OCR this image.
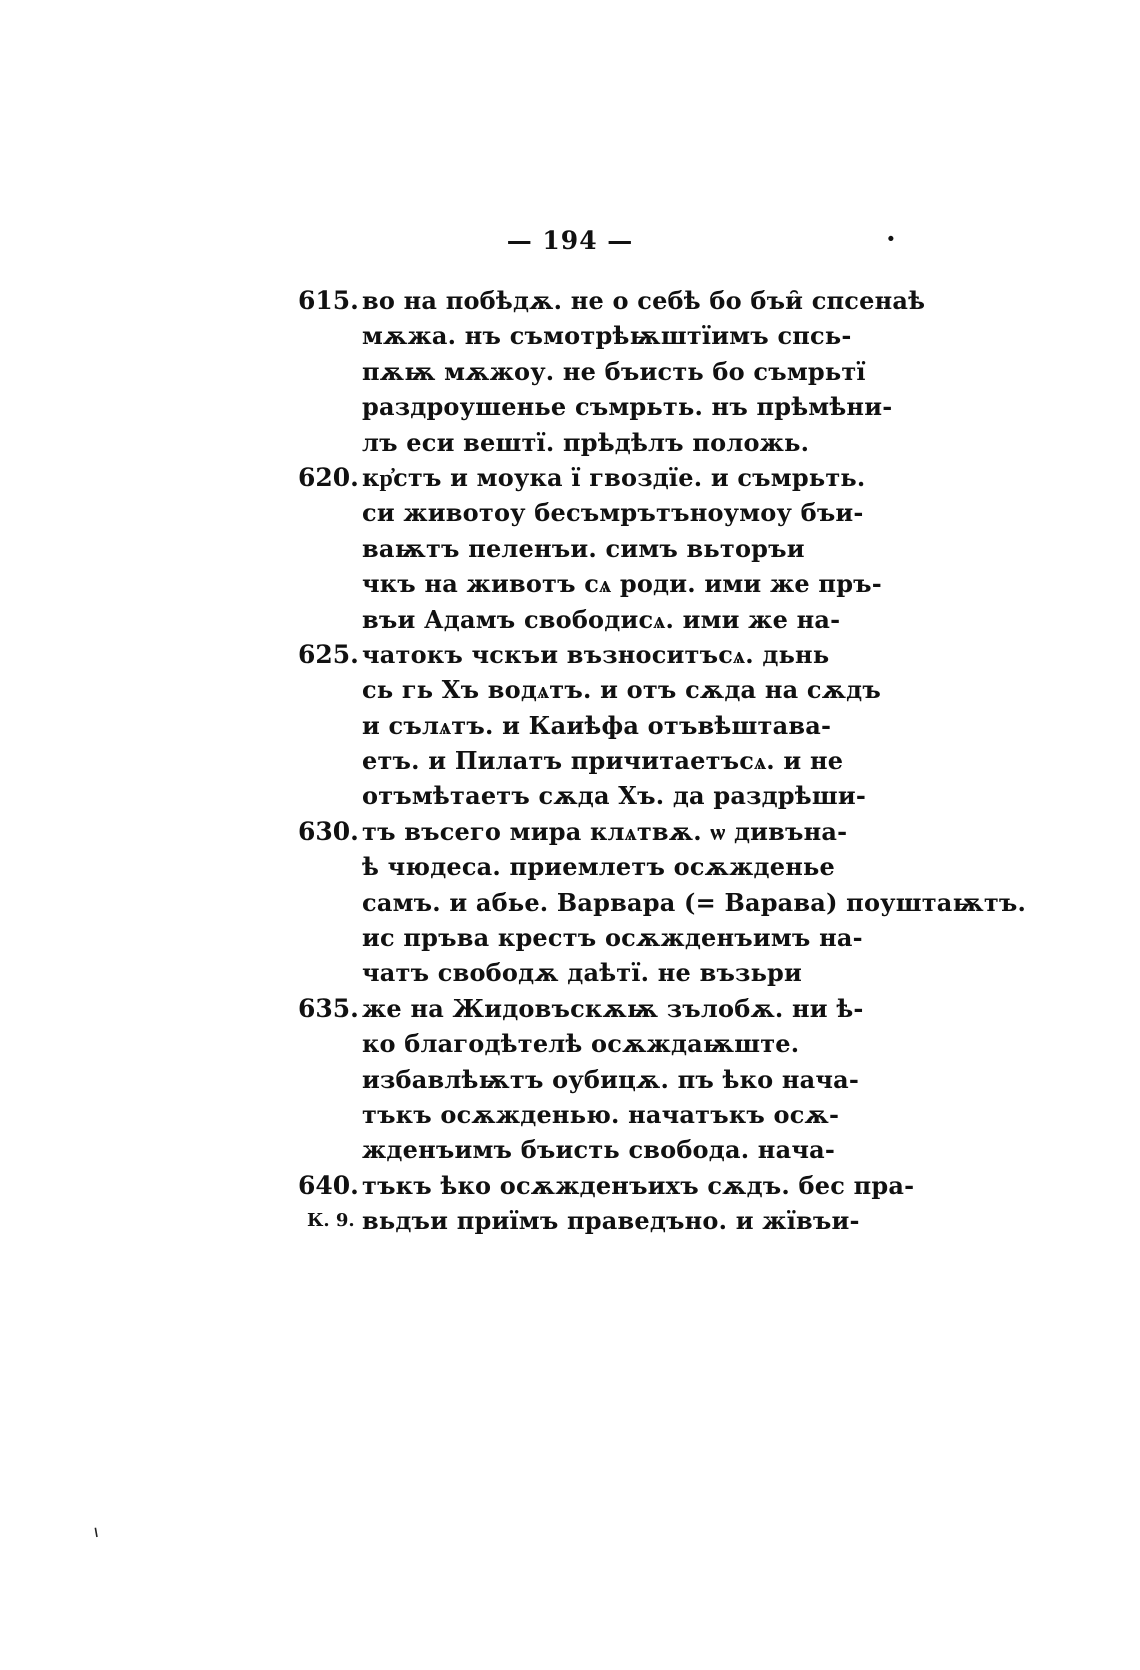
— 194 —	·
615. во на побѣдѫ. не о себѣ бо бъи̑ спсенаѣ
мѫжа. нъ съмотрѣѭштїимъ спсь-
пѫѭ мѫжоу. не бъисть бо съмрьтї
раздроушенье съмрьть. нъ прѣмѣни-
лъ еси вештї. прѣдѣлъ положь.
620. кр҆стъ и моука ї гвоздїе. и съмрьть.
си животоу бесъмрътъноумоу бъи-
ваѭтъ пеленъи. симъ вьторъи
чкъ на животъ сѧ роди. ими же пръ-
въи Адамъ свободисѧ. ими же на-
625. чатокъ чскъи възноситъсѧ. дьнь
сь гь Хъ водѧтъ. и отъ сѫда на сѫдъ
и сълѧтъ. и Каиѣфа отъвѣштава-
етъ. и Пилатъ причитаетъсѧ. и не
отъмѣтаетъ сѫда Хъ. да раздрѣши-
630. тъ въсего мира клѧтвѫ. ѡ дивъна-
ѣ чюдеса. приемлетъ осѫжденье
самъ. и абье. Варвара (= Варава) поуштаѭтъ.
ис пръва крестъ осѫжденъимъ на-
чатъ свободѫ даѣтї. не възьри
635. же на Жидовъскѫѭ зълобѫ. ни ѣ-
ко благодѣтелѣ осѫждаѭште.
избавлѣѭтъ оубицѫ. пъ ѣко нача-
тъкъ осѫжденью. начатъкъ осѫ-
жденъимъ бъисть свобода. нача-
640. тъкъ ѣко осѫжденъихъ сѫдъ. бес пра-
К. 9. вьдъи приїмъ праведъно. и жївъи-
⸜
